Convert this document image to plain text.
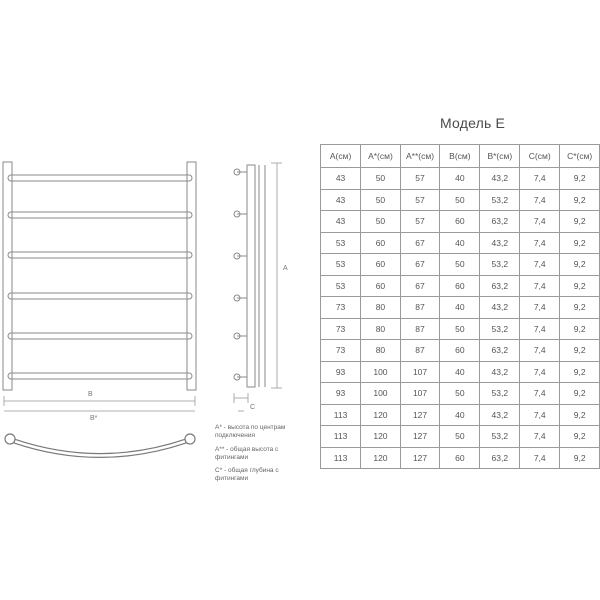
В
В*
А
С
Модель Е
А(см)	А*(см)	А**(см)	В(см)	В*(см)	С(см)	С*(см)
43	50	57	40	43,2	7,4	9,2
43	50	57	50	53,2	7,4	9,2
43	50	57	60	63,2	7,4	9,2
53	60	67	40	43,2	7,4	9,2
53	60	67	50	53,2	7,4	9,2
53	60	67	60	63,2	7,4	9,2
73	80	87	40	43,2	7,4	9,2
73	80	87	50	53,2	7,4	9,2
73	80	87	60	63,2	7,4	9,2
93	100	107	40	43,2	7,4	9,2
93	100	107	50	53,2	7,4	9,2
113	120	127	40	43,2	7,4	9,2
113	120	127	50	53,2	7,4	9,2
113	120	127	60	63,2	7,4	9,2
А* - высота по центрам
подключения
А** - общая высота с
фитингами
С* - общая глубина с
фитингами
